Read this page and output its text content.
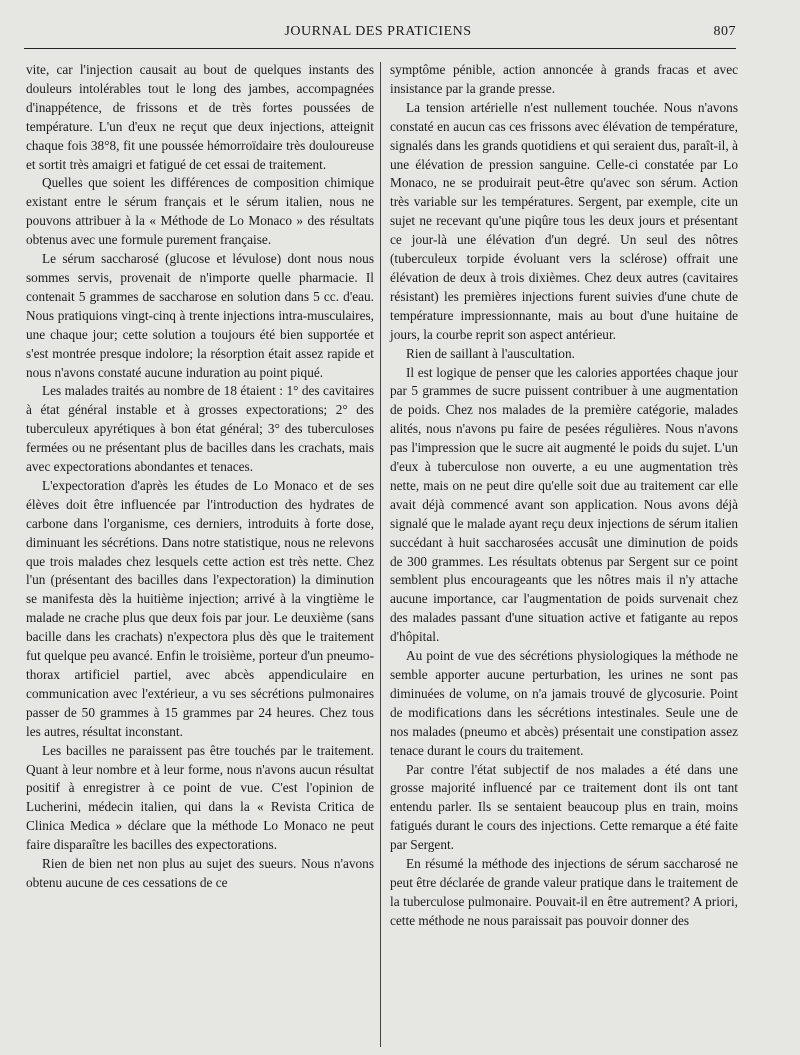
JOURNAL DES PRATICIENS	807

vite, car l'injection causait au bout de quelques instants des douleurs intolérables tout le long des jambes, accompagnées d'inappétence, de frissons et de très fortes poussées de température. L'un d'eux ne reçut que deux injections, atteignit chaque fois 38°8, fit une poussée hémorroïdaire très douloureuse et sortit très amaigri et fatigué de cet essai de traitement.

Quelles que soient les différences de composition chimique existant entre le sérum français et le sérum italien, nous ne pouvons attribuer à la « Méthode de Lo Monaco » des résultats obtenus avec une formule purement française.

Le sérum saccharosé (glucose et lévulose) dont nous nous sommes servis, provenait de n'importe quelle pharmacie. Il contenait 5 grammes de saccharose en solution dans 5 cc. d'eau. Nous pratiquions vingt-cinq à trente injections intra-musculaires, une chaque jour; cette solution a toujours été bien supportée et s'est montrée presque indolore; la résorption était assez rapide et nous n'avons constaté aucune induration au point piqué.

Les malades traités au nombre de 18 étaient : 1° des cavitaires à état général instable et à grosses expectorations; 2° des tuberculeux apyrétiques à bon état général; 3° des tuberculoses fermées ou ne présentant plus de bacilles dans les crachats, mais avec expectorations abondantes et tenaces.

L'expectoration d'après les études de Lo Monaco et de ses élèves doit être influencée par l'introduction des hydrates de carbone dans l'organisme, ces derniers, introduits à forte dose, diminuant les sécrétions. Dans notre statistique, nous ne relevons que trois malades chez lesquels cette action est très nette. Chez l'un (présentant des bacilles dans l'expectoration) la diminution se manifesta dès la huitième injection; arrivé à la vingtième le malade ne crache plus que deux fois par jour. Le deuxième (sans bacille dans les crachats) n'expectora plus dès que le traitement fut quelque peu avancé. Enfin le troisième, porteur d'un pneumo-thorax artificiel partiel, avec abcès appendiculaire en communication avec l'extérieur, a vu ses sécrétions pulmonaires passer de 50 grammes à 15 grammes par 24 heures. Chez tous les autres, résultat inconstant.

Les bacilles ne paraissent pas être touchés par le traitement. Quant à leur nombre et à leur forme, nous n'avons aucun résultat positif à enregistrer à ce point de vue. C'est l'opinion de Lucherini, médecin italien, qui dans la « Revista Critica de Clinica Medica » déclare que la méthode Lo Monaco ne peut faire disparaître les bacilles des expectorations.

Rien de bien net non plus au sujet des sueurs. Nous n'avons obtenu aucune de ces cessations de ce

symptôme pénible, action annoncée à grands fracas et avec insistance par la grande presse.

La tension artérielle n'est nullement touchée. Nous n'avons constaté en aucun cas ces frissons avec élévation de température, signalés dans les grands quotidiens et qui seraient dus, paraît-il, à une élévation de pression sanguine. Celle-ci constatée par Lo Monaco, ne se produirait peut-être qu'avec son sérum. Action très variable sur les températures. Sergent, par exemple, cite un sujet ne recevant qu'une piqûre tous les deux jours et présentant ce jour-là une élévation d'un degré. Un seul des nôtres (tuberculeux torpide évoluant vers la sclérose) offrait une élévation de deux à trois dixièmes. Chez deux autres (cavitaires résistant) les premières injections furent suivies d'une chute de température impressionnante, mais au bout d'une huitaine de jours, la courbe reprit son aspect antérieur.

Rien de saillant à l'auscultation.

Il est logique de penser que les calories apportées chaque jour par 5 grammes de sucre puissent contribuer à une augmentation de poids. Chez nos malades de la première catégorie, malades alités, nous n'avons pu faire de pesées régulières. Nous n'avons pas l'impression que le sucre ait augmenté le poids du sujet. L'un d'eux à tuberculose non ouverte, a eu une augmentation très nette, mais on ne peut dire qu'elle soit due au traitement car elle avait déjà commencé avant son application. Nous avons déjà signalé que le malade ayant reçu deux injections de sérum italien succédant à huit saccharosées accusât une diminution de poids de 300 grammes. Les résultats obtenus par Sergent sur ce point semblent plus encourageants que les nôtres mais il n'y attache aucune importance, car l'augmentation de poids survenait chez des malades passant d'une situation active et fatigante au repos d'hôpital.

Au point de vue des sécrétions physiologiques la méthode ne semble apporter aucune perturbation, les urines ne sont pas diminuées de volume, on n'a jamais trouvé de glycosurie. Point de modifications dans les sécrétions intestinales. Seule une de nos malades (pneumo et abcès) présentait une constipation assez tenace durant le cours du traitement.

Par contre l'état subjectif de nos malades a été dans une grosse majorité influencé par ce traitement dont ils ont tant entendu parler. Ils se sentaient beaucoup plus en train, moins fatigués durant le cours des injections. Cette remarque a été faite par Sergent.

En résumé la méthode des injections de sérum saccharosé ne peut être déclarée de grande valeur pratique dans le traitement de la tuberculose pulmonaire. Pouvait-il en être autrement? A priori, cette méthode ne nous paraissait pas pouvoir donner des
